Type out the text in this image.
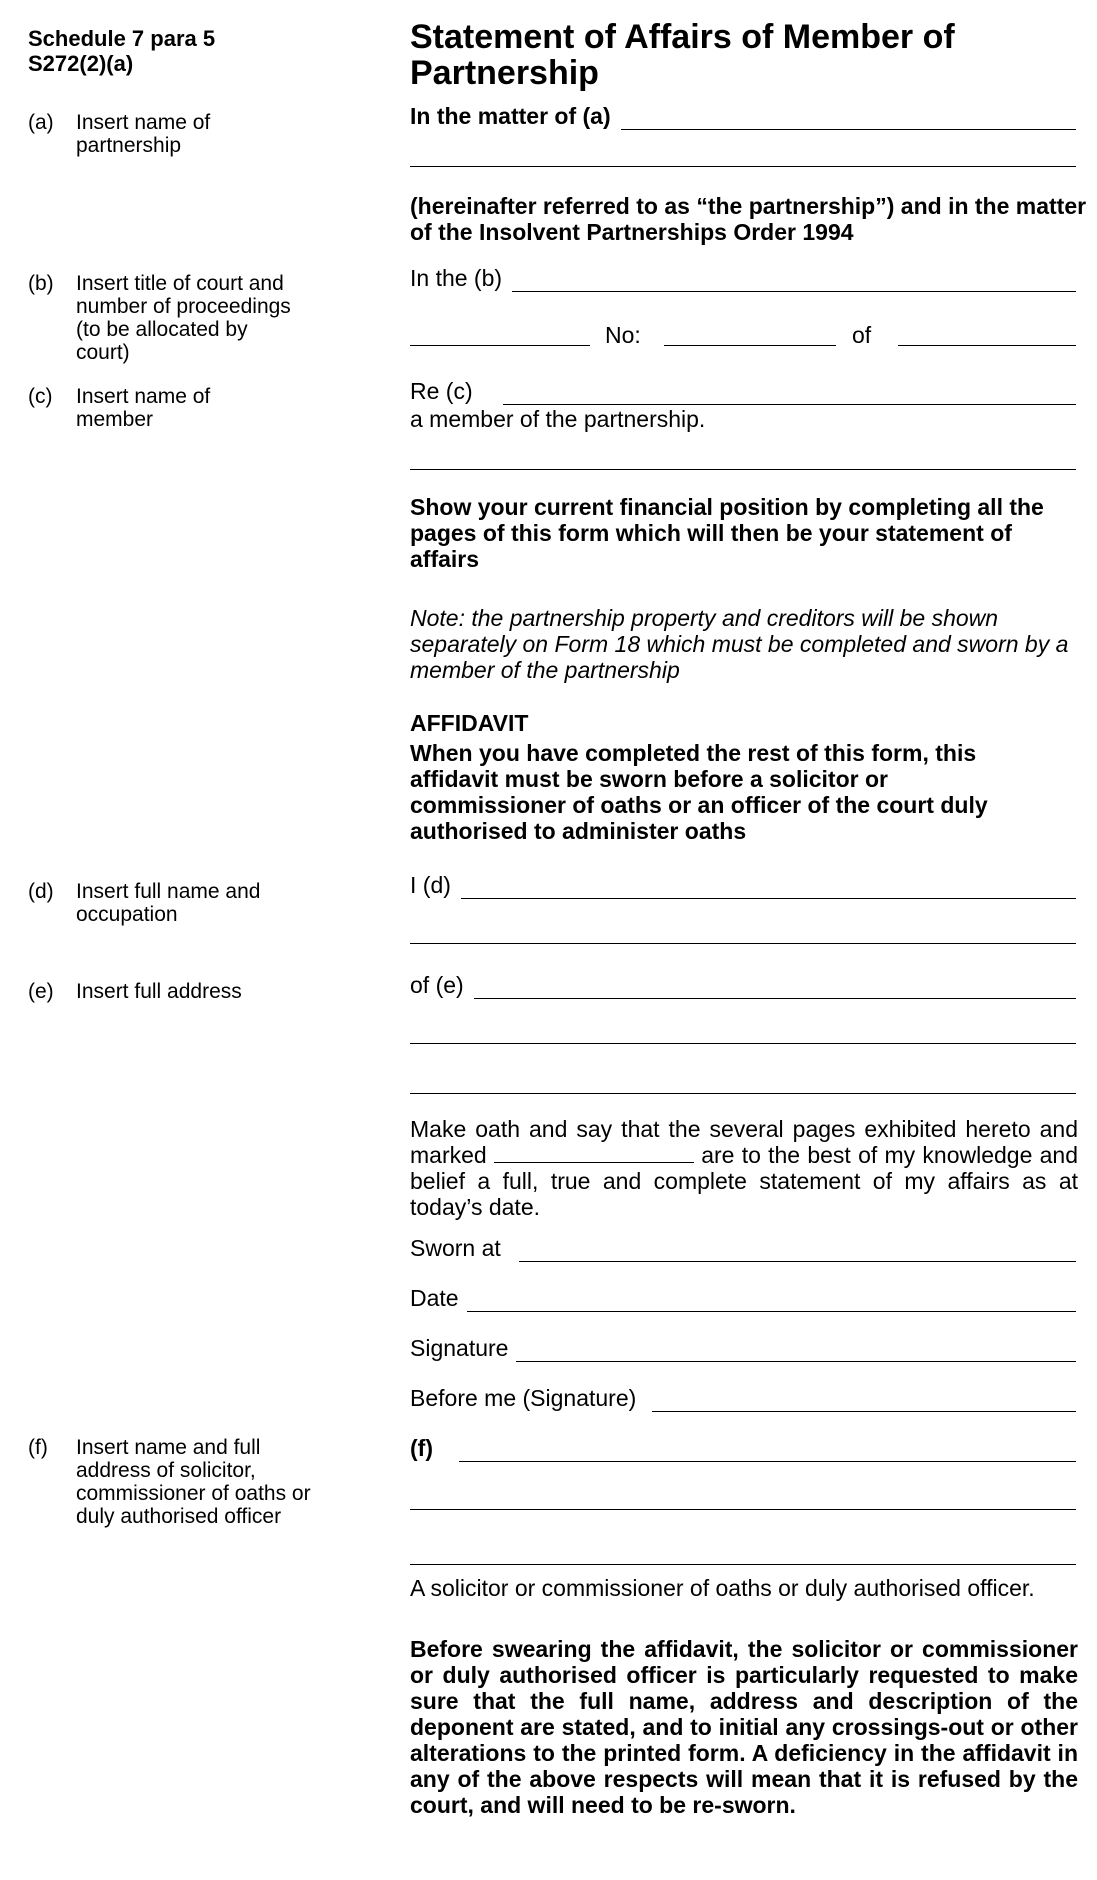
Schedule 7 para 5
S272(2)(a)
Statement of Affairs of Member of Partnership
(a) Insert name of partnership
(b) Insert title of court and number of proceedings (to be allocated by court)
(c) Insert name of member
(d) Insert full name and occupation
(e) Insert full address
(f) Insert name and full address of solicitor, commissioner of oaths or duly authorised officer
In the matter of (a)
(hereinafter referred to as “the partnership”) and in the matter of the Insolvent Partnerships Order 1994
In the (b)
No:	of
Re (c)
a member of the partnership.
Show your current financial position by completing all the pages of this form which will then be your statement of affairs
Note: the partnership property and creditors will be shown separately on Form 18 which must be completed and sworn by a member of the partnership
AFFIDAVIT
When you have completed the rest of this form, this affidavit must be sworn before a solicitor or commissioner of oaths or an officer of the court duly authorised to administer oaths
I (d)
of (e)
Make oath and say that the several pages exhibited hereto and marked	are to the best of my knowledge and belief a full, true and complete statement of my affairs as at today’s date.
Sworn at
Date
Signature
Before me (Signature)
(f)
A solicitor or commissioner of oaths or duly authorised officer.
Before swearing the affidavit, the solicitor or commissioner or duly authorised officer is particularly requested to make sure that the full name, address and description of the deponent are stated, and to initial any crossings-out or other alterations to the printed form. A deficiency in the affidavit in any of the above respects will mean that it is refused by the court, and will need to be re-sworn.
